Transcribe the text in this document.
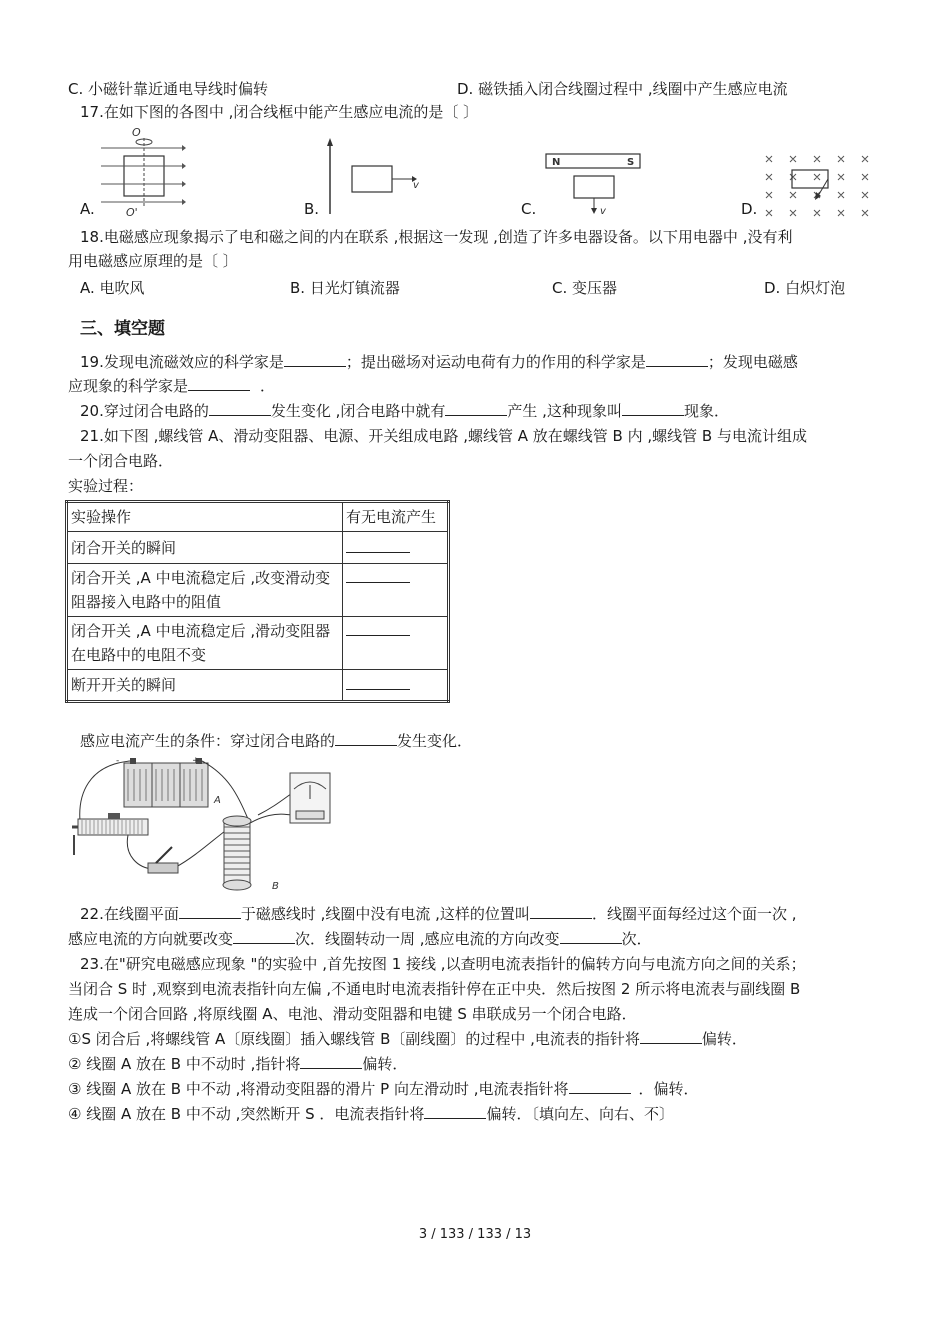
C. 小磁针靠近通电导线时偏转	D. 磁铁插入闭合线圈过程中 ,线圈中产生感应电流
17.在如下图的各图中 ,闭合线框中能产生感应电流的是〔 〕
O
O'
A.
v
B.
N	S
v
C.	D.
18.电磁感应现象揭示了电和磁之间的内在联系 ,根据这一发现 ,创造了许多电器设备。以下用电器中 ,没有利
用电磁感应原理的是〔 〕
A. 电吹风	B. 日光灯镇流器	C. 变压器	D. 白炽灯泡
三、填空题
19.发现电流磁效应的科学家是	；提出磁场对运动电荷有力的作用的科学家是	；发现电磁感
应现象的科学家是	．
20.穿过闭合电路的	发生变化 ,闭合电路中就有	产生 ,这种现象叫	现象．
21.如下图 ,螺线管 A、滑动变阻器、电源、开关组成电路 ,螺线管 A 放在螺线管 B 内 ,螺线管 B 与电流计组成
一个闭合电路．
实验过程：
实验操作	有无电流产生
闭合开关的瞬间	
闭合开关 ,A 中电流稳定后 ,改变滑动变阻器接入电路中的阻值	
闭合开关 ,A 中电流稳定后 ,滑动变阻器在电路中的电阻不变	
断开开关的瞬间	
感应电流产生的条件：穿过闭合电路的	发生变化．
-	+
A
B
22.在线圈平面	于磁感线时 ,线圈中没有电流 ,这样的位置叫	．线圈平面每经过这个面一次 ,
感应电流的方向就要改变	次．线圈转动一周 ,感应电流的方向改变	次．
23.在"研究电磁感应现象 "的实验中 ,首先按图 1 接线 ,以查明电流表指针的偏转方向与电流方向之间的关系；
当闭合 S 时 ,观察到电流表指针向左偏 ,不通电时电流表指针停在正中央．然后按图 2 所示将电流表与副线圈 B
连成一个闭合回路 ,将原线圈 A、电池、滑动变阻器和电键 S 串联成另一个闭合电路．
①S 闭合后 ,将螺线管 A〔原线圈〕插入螺线管 B〔副线圈〕的过程中 ,电流表的指针将	偏转．
② 线圈 A 放在 B 中不动时 ,指针将	偏转．
③ 线圈 A 放在 B 中不动 ,将滑动变阻器的滑片 P 向左滑动时 ,电流表指针将	．偏转．
④ 线圈 A 放在 B 中不动 ,突然断开 S ．电流表指针将	偏转．〔填向左、向右、不〕
3 / 133 / 133 / 13
